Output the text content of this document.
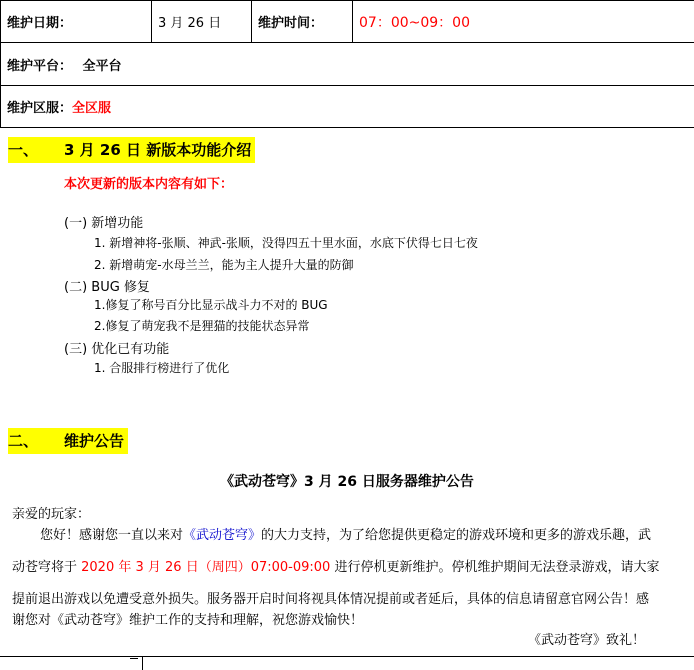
维护日期：	3 月 26 日	维护时间：	07：00~09：00
维护平台： 全平台
维护区服：全区服
一、 3 月 26 日 新版本功能介绍
本次更新的版本内容有如下：
(一) 新增功能
1. 新增神将-张顺、神武-张顺，没得四五十里水面，水底下伏得七日七夜
2. 新增萌宠-水母兰兰，能为主人提升大量的防御
(二) BUG 修复
1.修复了称号百分比显示战斗力不对的 BUG
2.修复了萌宠我不是狸猫的技能状态异常
(三) 优化已有功能
1. 合服排行榜进行了优化
二、 维护公告
《武动苍穹》3 月 26 日服务器维护公告
亲爱的玩家：
您好！感谢您一直以来对《武动苍穹》的大力支持，为了给您提供更稳定的游戏环境和更多的游戏乐趣，武
动苍穹将于 2020 年 3 月 26 日（周四）07:00-09:00 进行停机更新维护。停机维护期间无法登录游戏，请大家
提前退出游戏以免遭受意外损失。服务器开启时间将视具体情况提前或者延后，具体的信息请留意官网公告！感
谢您对《武动苍穹》维护工作的支持和理解，祝您游戏愉快！
《武动苍穹》致礼！
